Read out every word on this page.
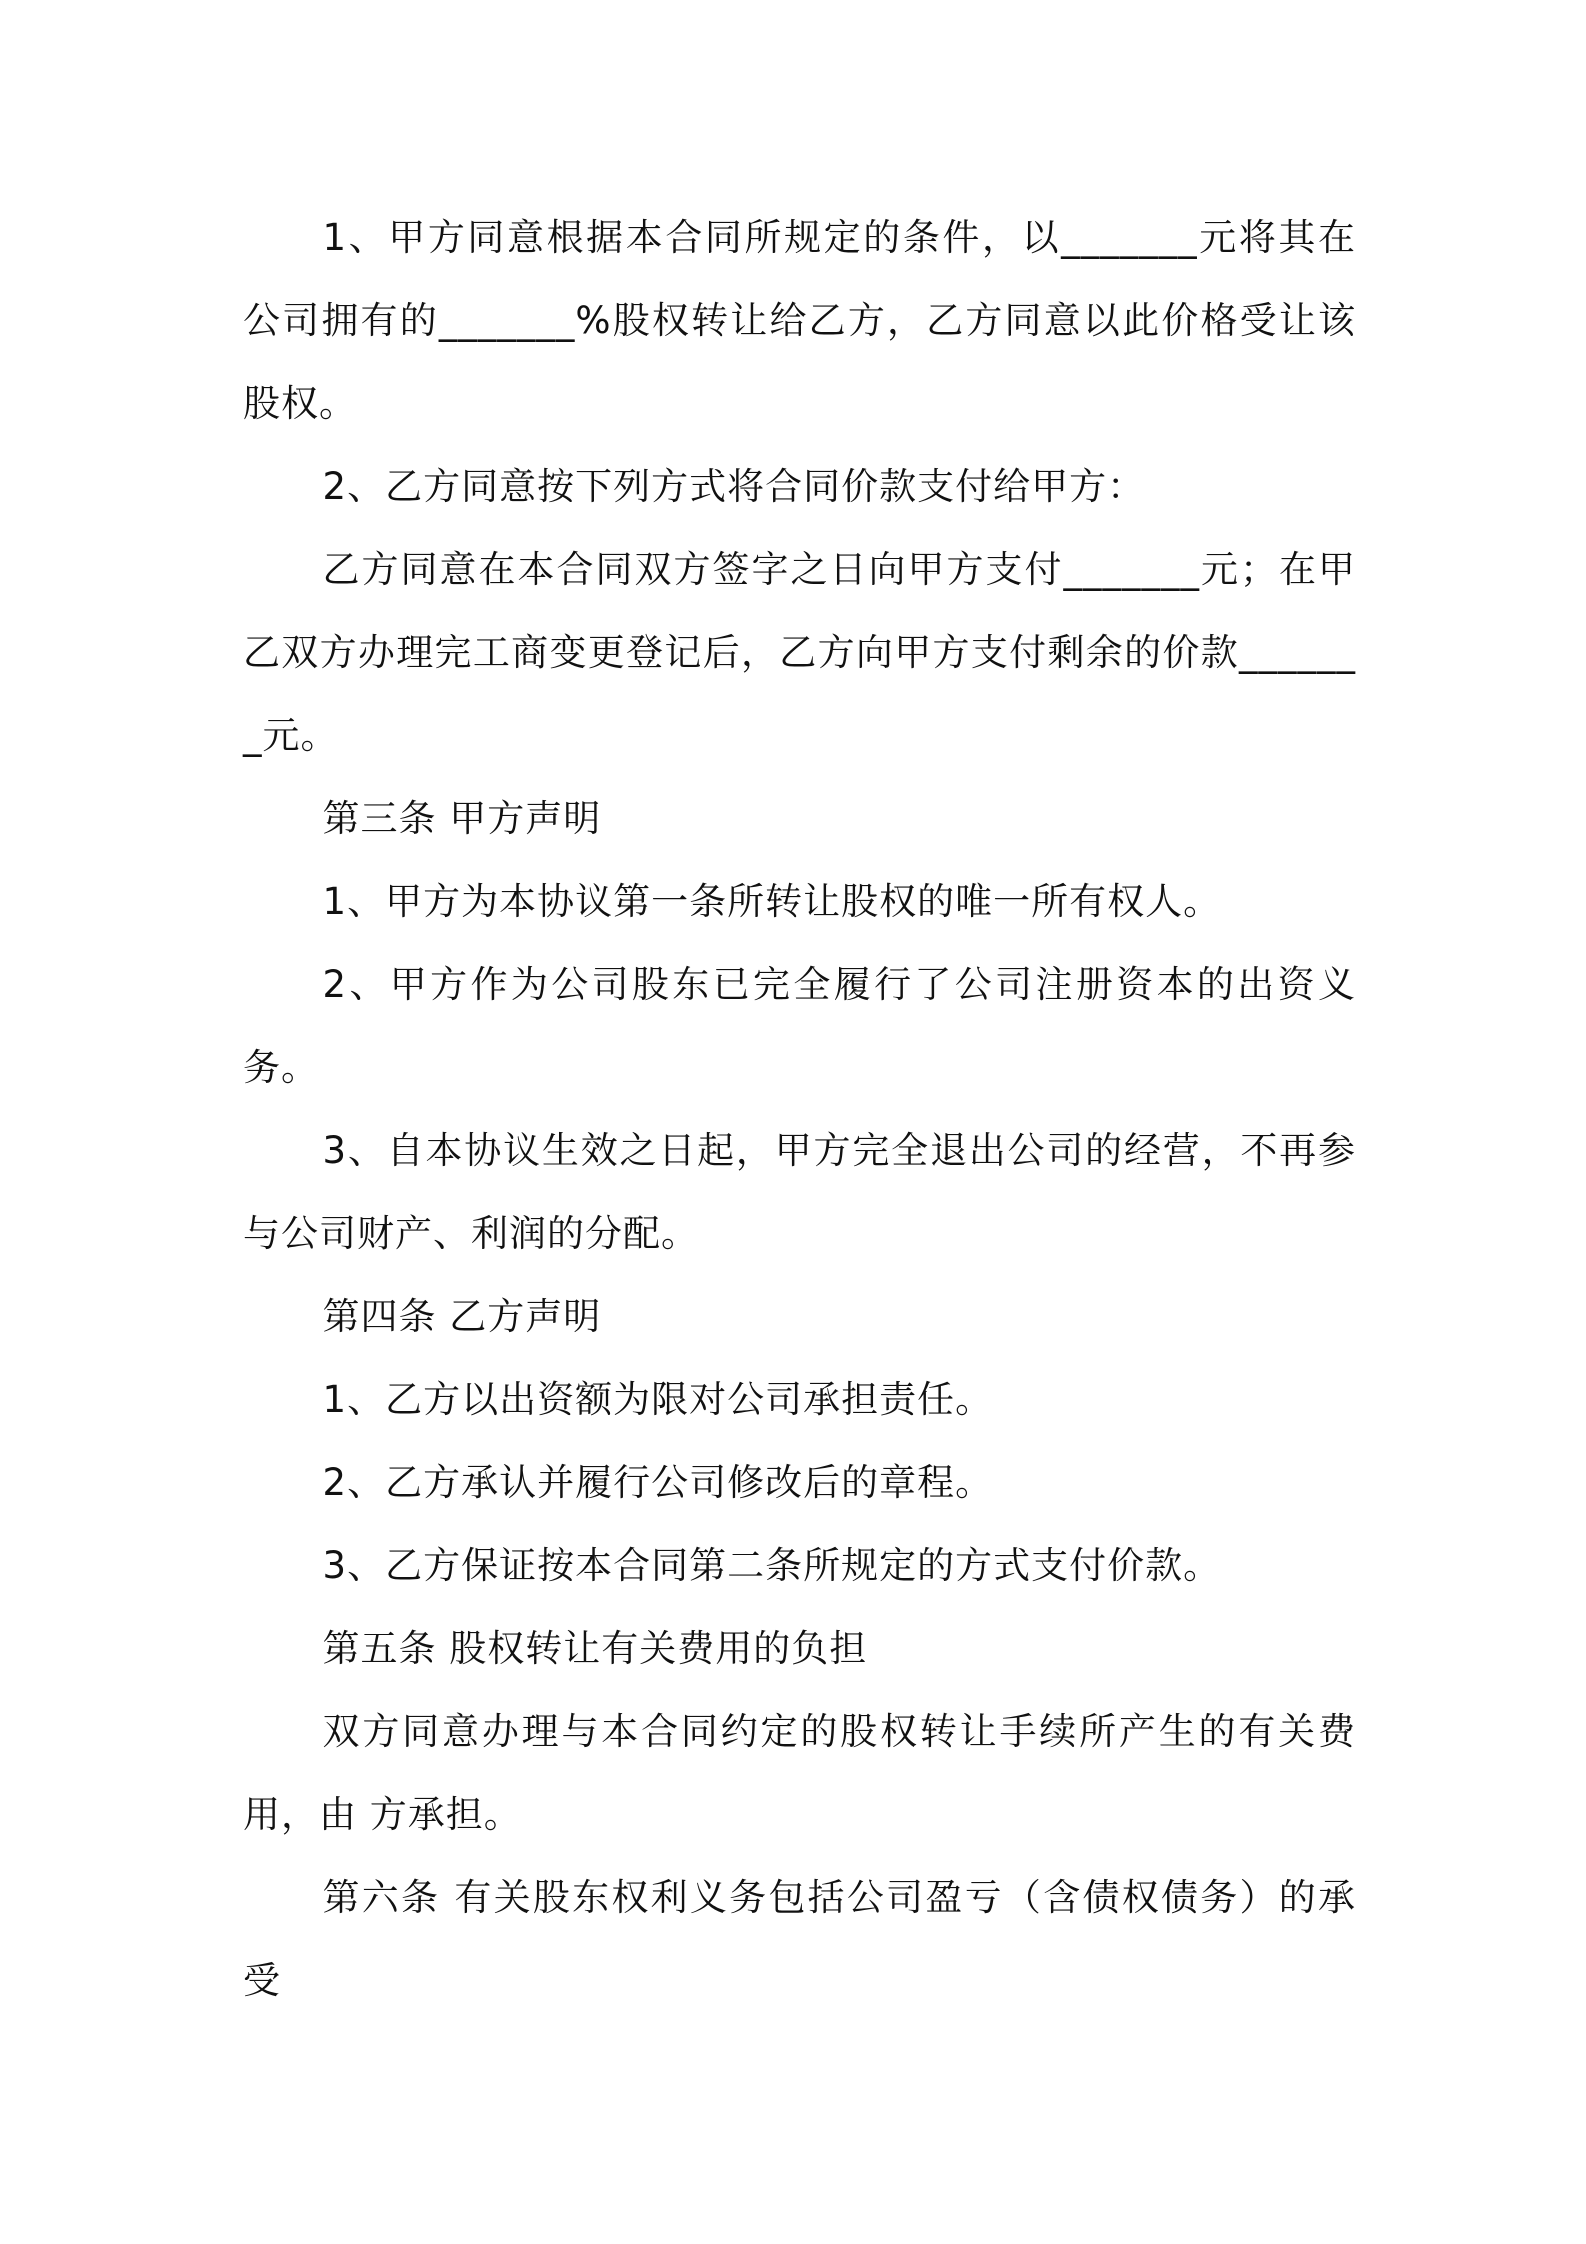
1、甲方同意根据本合同所规定的条件，以_______元将其在公司拥有的_______%股权转让给乙方，乙方同意以此价格受让该股权。

2、乙方同意按下列方式将合同价款支付给甲方：

乙方同意在本合同双方签字之日向甲方支付_______元；在甲乙双方办理完工商变更登记后，乙方向甲方支付剩余的价款_______元。

第三条 甲方声明

1、甲方为本协议第一条所转让股权的唯一所有权人。

2、甲方作为公司股东已完全履行了公司注册资本的出资义务。

3、自本协议生效之日起，甲方完全退出公司的经营，不再参与公司财产、利润的分配。

第四条 乙方声明

1、乙方以出资额为限对公司承担责任。

2、乙方承认并履行公司修改后的章程。

3、乙方保证按本合同第二条所规定的方式支付价款。

第五条 股权转让有关费用的负担

双方同意办理与本合同约定的股权转让手续所产生的有关费用，由 方承担。

第六条 有关股东权利义务包括公司盈亏（含债权债务）的承受
